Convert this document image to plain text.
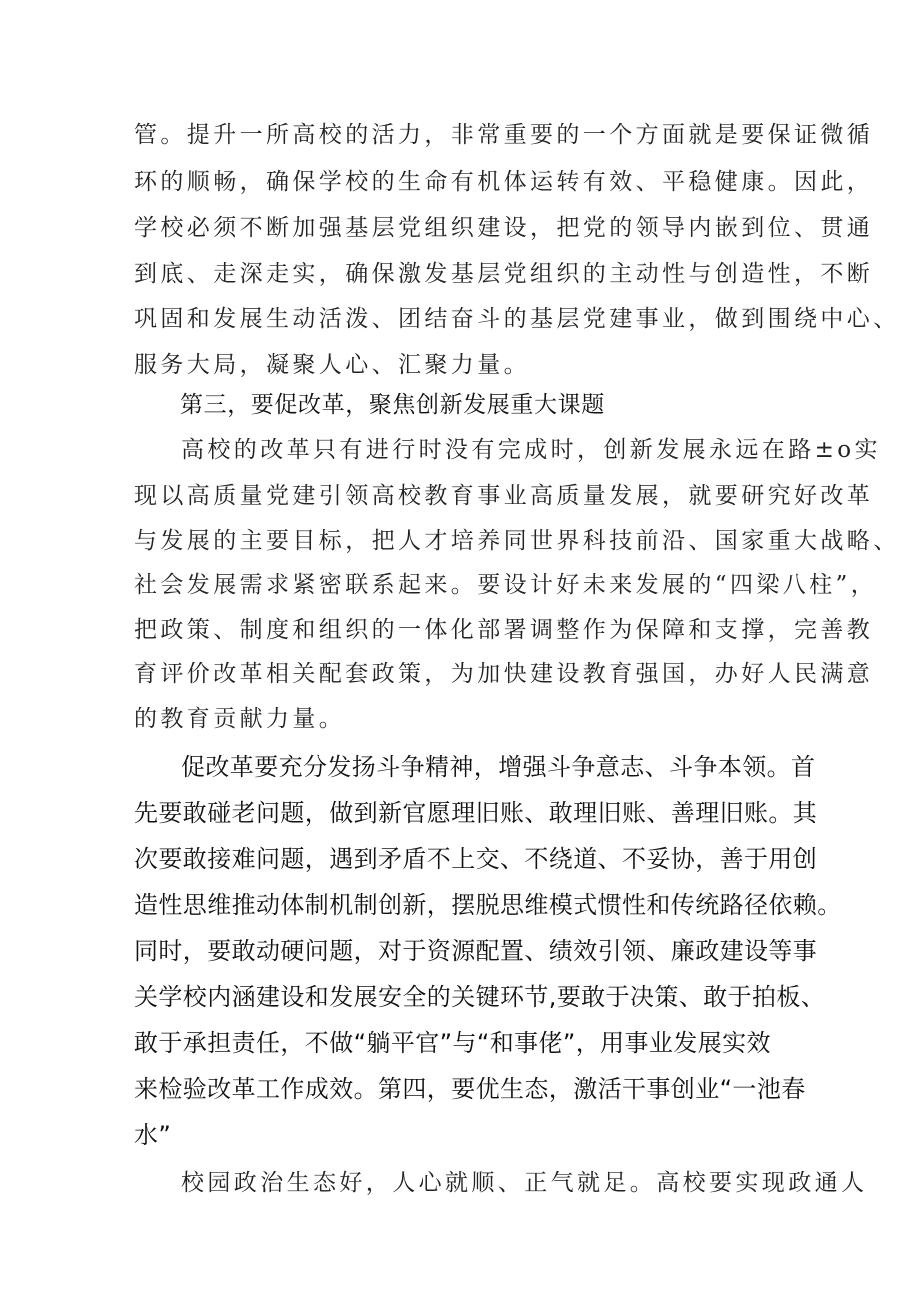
管。提升一所高校的活力，非常重要的一个方面就是要保证微循

环的顺畅，确保学校的生命有机体运转有效、平稳健康。因此，

学校必须不断加强基层党组织建设，把党的领导内嵌到位、贯通

到底、走深走实，确保激发基层党组织的主动性与创造性，不断

巩固和发展生动活泼、团结奋斗的基层党建事业，做到围绕中心、

服务大局，凝聚人心、汇聚力量。

第三，要促改革，聚焦创新发展重大课题

高校的改革只有进行时没有完成时，创新发展永远在路±o实

现以高质量党建引领高校教育事业高质量发展，就要研究好改革

与发展的主要目标，把人才培养同世界科技前沿、国家重大战略、

社会发展需求紧密联系起来。要设计好未来发展的“四梁八柱”，

把政策、制度和组织的一体化部署调整作为保障和支撑，完善教

育评价改革相关配套政策，为加快建设教育强国，办好人民满意

的教育贡献力量。

促改革要充分发扬斗争精神，增强斗争意志、斗争本领。首

先要敢碰老问题，做到新官愿理旧账、敢理旧账、善理旧账。其

次要敢接难问题，遇到矛盾不上交、不绕道、不妥协，善于用创

造性思维推动体制机制创新，摆脱思维模式惯性和传统路径依赖。

同时，要敢动硬问题，对于资源配置、绩效引领、廉政建设等事

关学校内涵建设和发展安全的关键环节,要敢于决策、敢于拍板、

敢于承担责任，不做“躺平官”与“和事佬”，用事业发展实效

来检验改革工作成效。第四，要优生态，激活干事创业“一池春

水”

校园政治生态好，人心就顺、正气就足。高校要实现政通人
